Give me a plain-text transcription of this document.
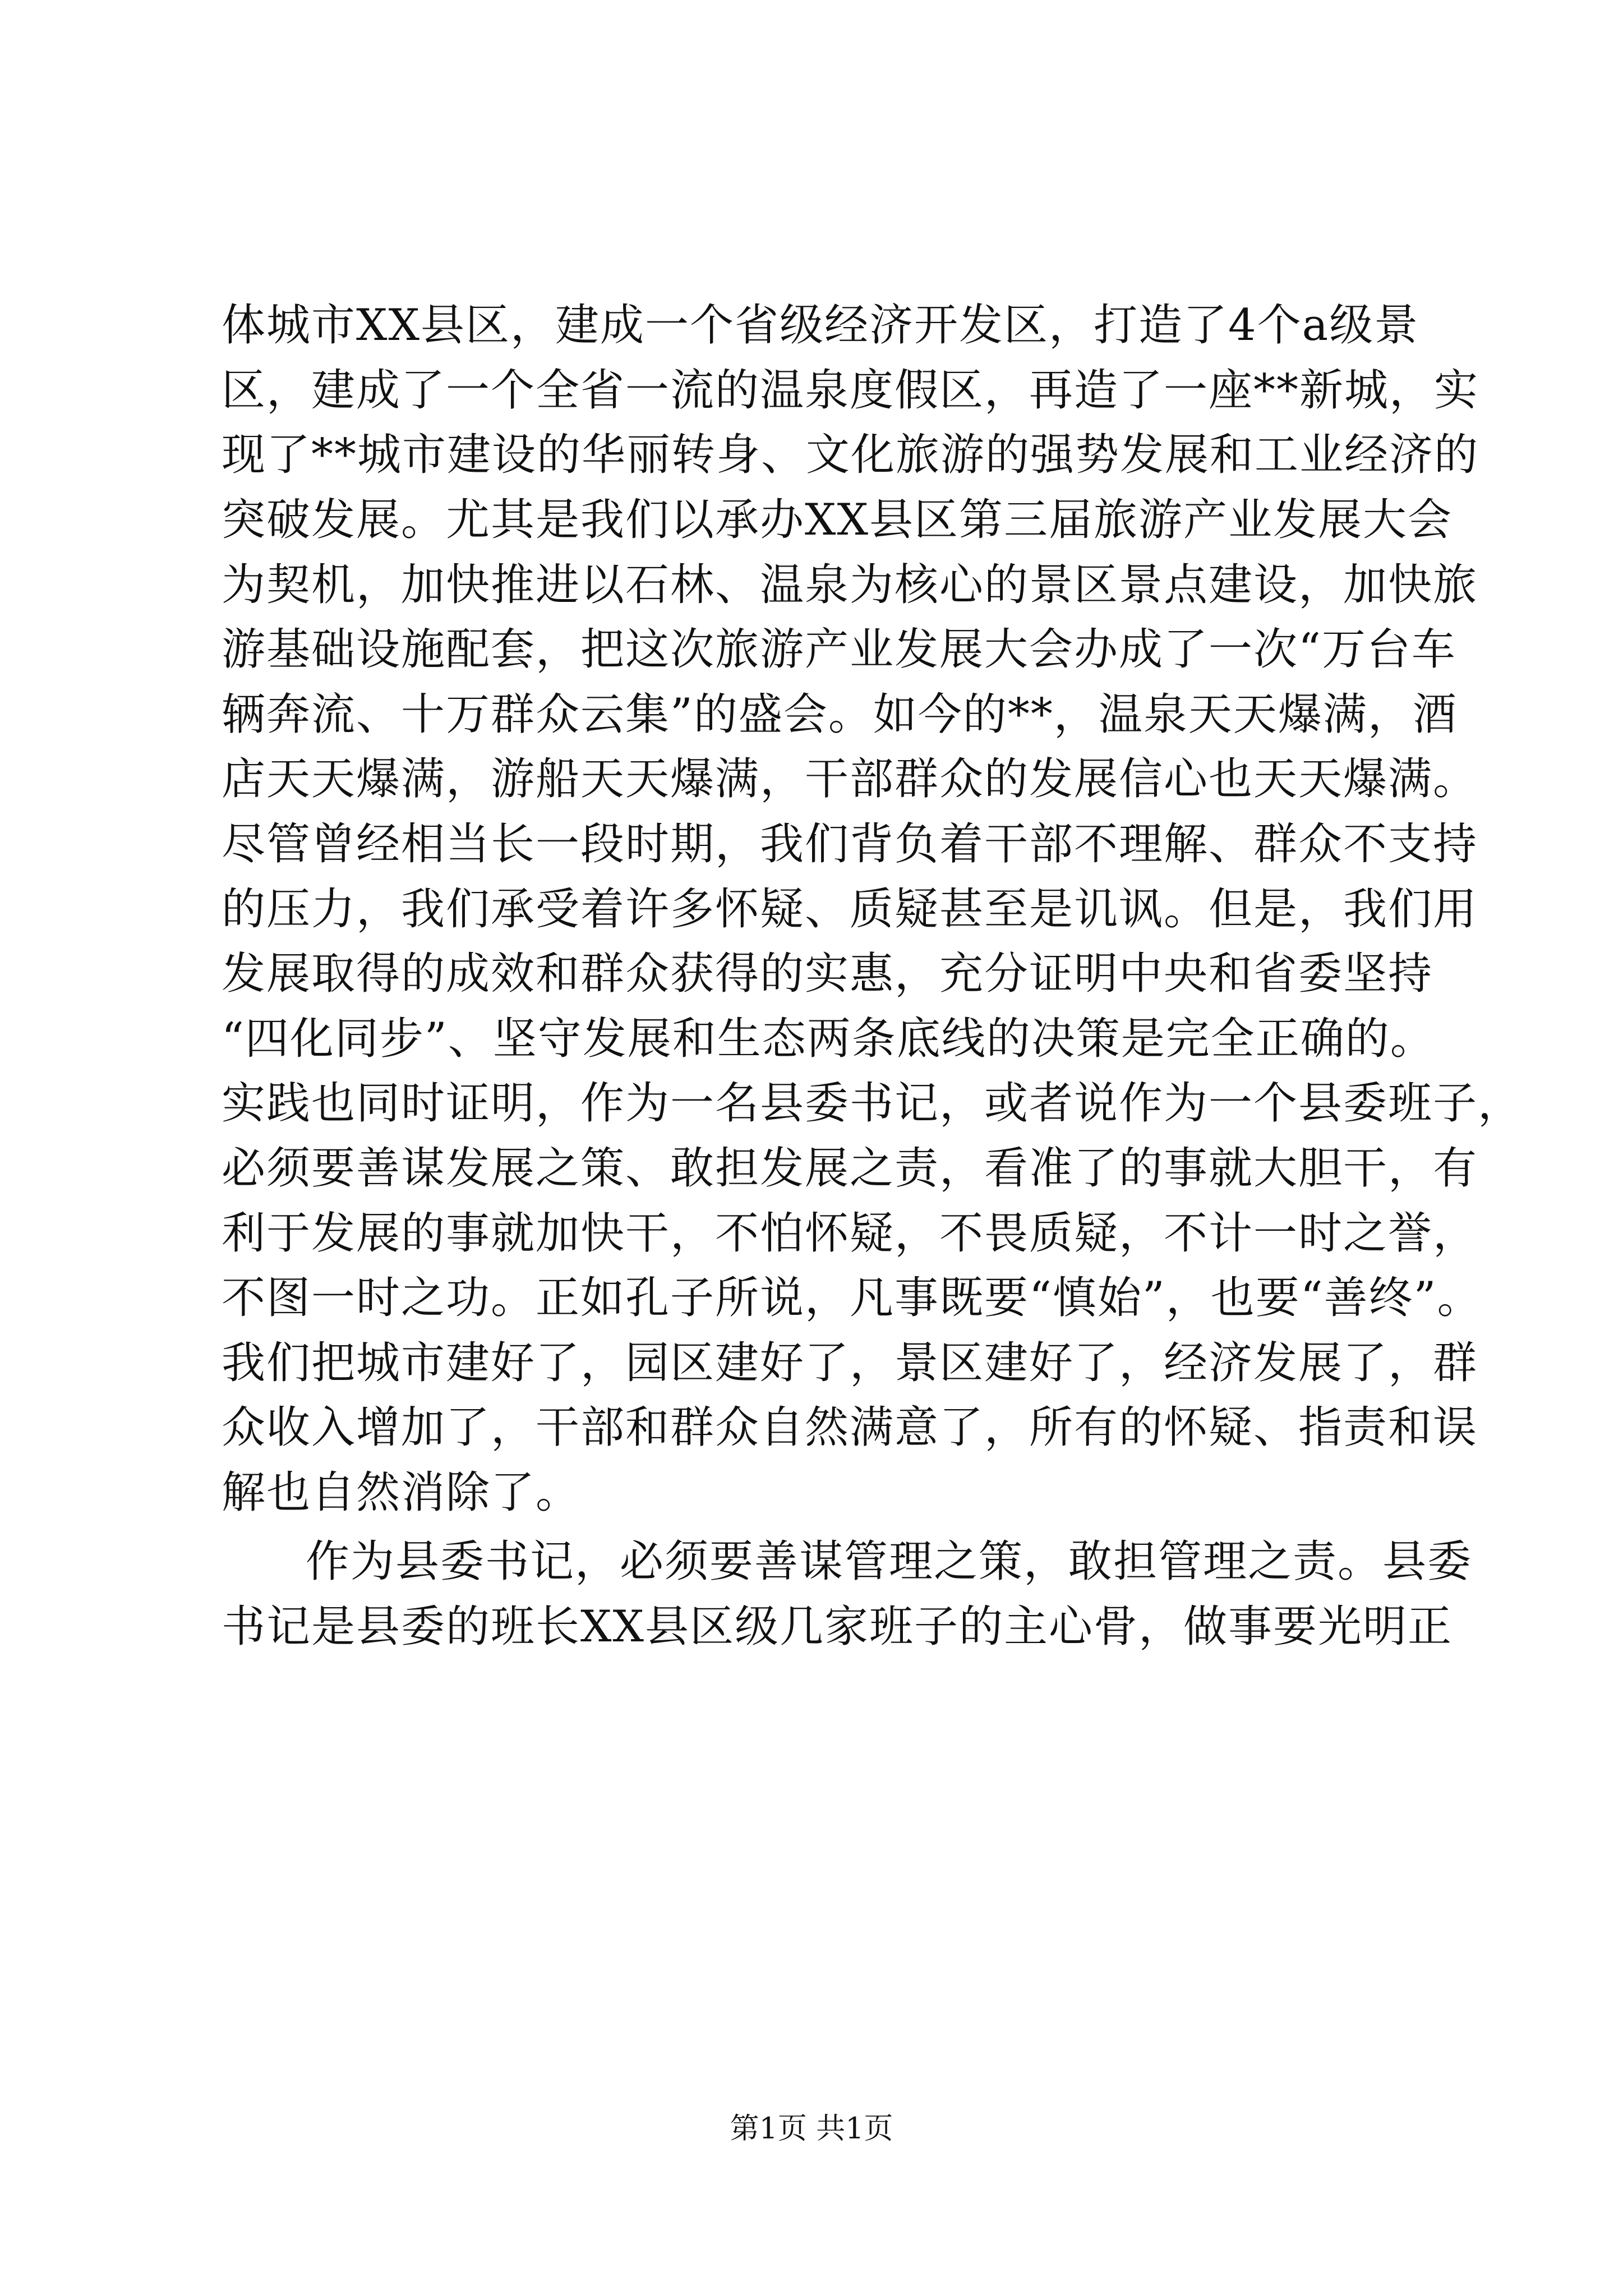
体城市XX县区，建成一个省级经济开发区，打造了4个a级景
区，建成了一个全省一流的温泉度假区，再造了一座**新城，实
现了**城市建设的华丽转身、文化旅游的强势发展和工业经济的
突破发展。尤其是我们以承办XX县区第三届旅游产业发展大会
为契机，加快推进以石林、温泉为核心的景区景点建设，加快旅
游基础设施配套，把这次旅游产业发展大会办成了一次“万台车
辆奔流、十万群众云集”的盛会。如今的**，温泉天天爆满，酒
店天天爆满，游船天天爆满，干部群众的发展信心也天天爆满。
尽管曾经相当长一段时期，我们背负着干部不理解、群众不支持
的压力，我们承受着许多怀疑、质疑甚至是讥讽。但是，我们用
发展取得的成效和群众获得的实惠，充分证明中央和省委坚持
“四化同步”、坚守发展和生态两条底线的决策是完全正确的。
实践也同时证明，作为一名县委书记，或者说作为一个县委班子，
必须要善谋发展之策、敢担发展之责，看准了的事就大胆干，有
利于发展的事就加快干，不怕怀疑，不畏质疑，不计一时之誉，
不图一时之功。正如孔子所说，凡事既要“慎始”，也要“善终”。
我们把城市建好了，园区建好了，景区建好了，经济发展了，群
众收入增加了，干部和群众自然满意了，所有的怀疑、指责和误
解也自然消除了。
作为县委书记，必须要善谋管理之策，敢担管理之责。县委
书记是县委的班长XX县区级几家班子的主心骨，做事要光明正
第1页 共1页
